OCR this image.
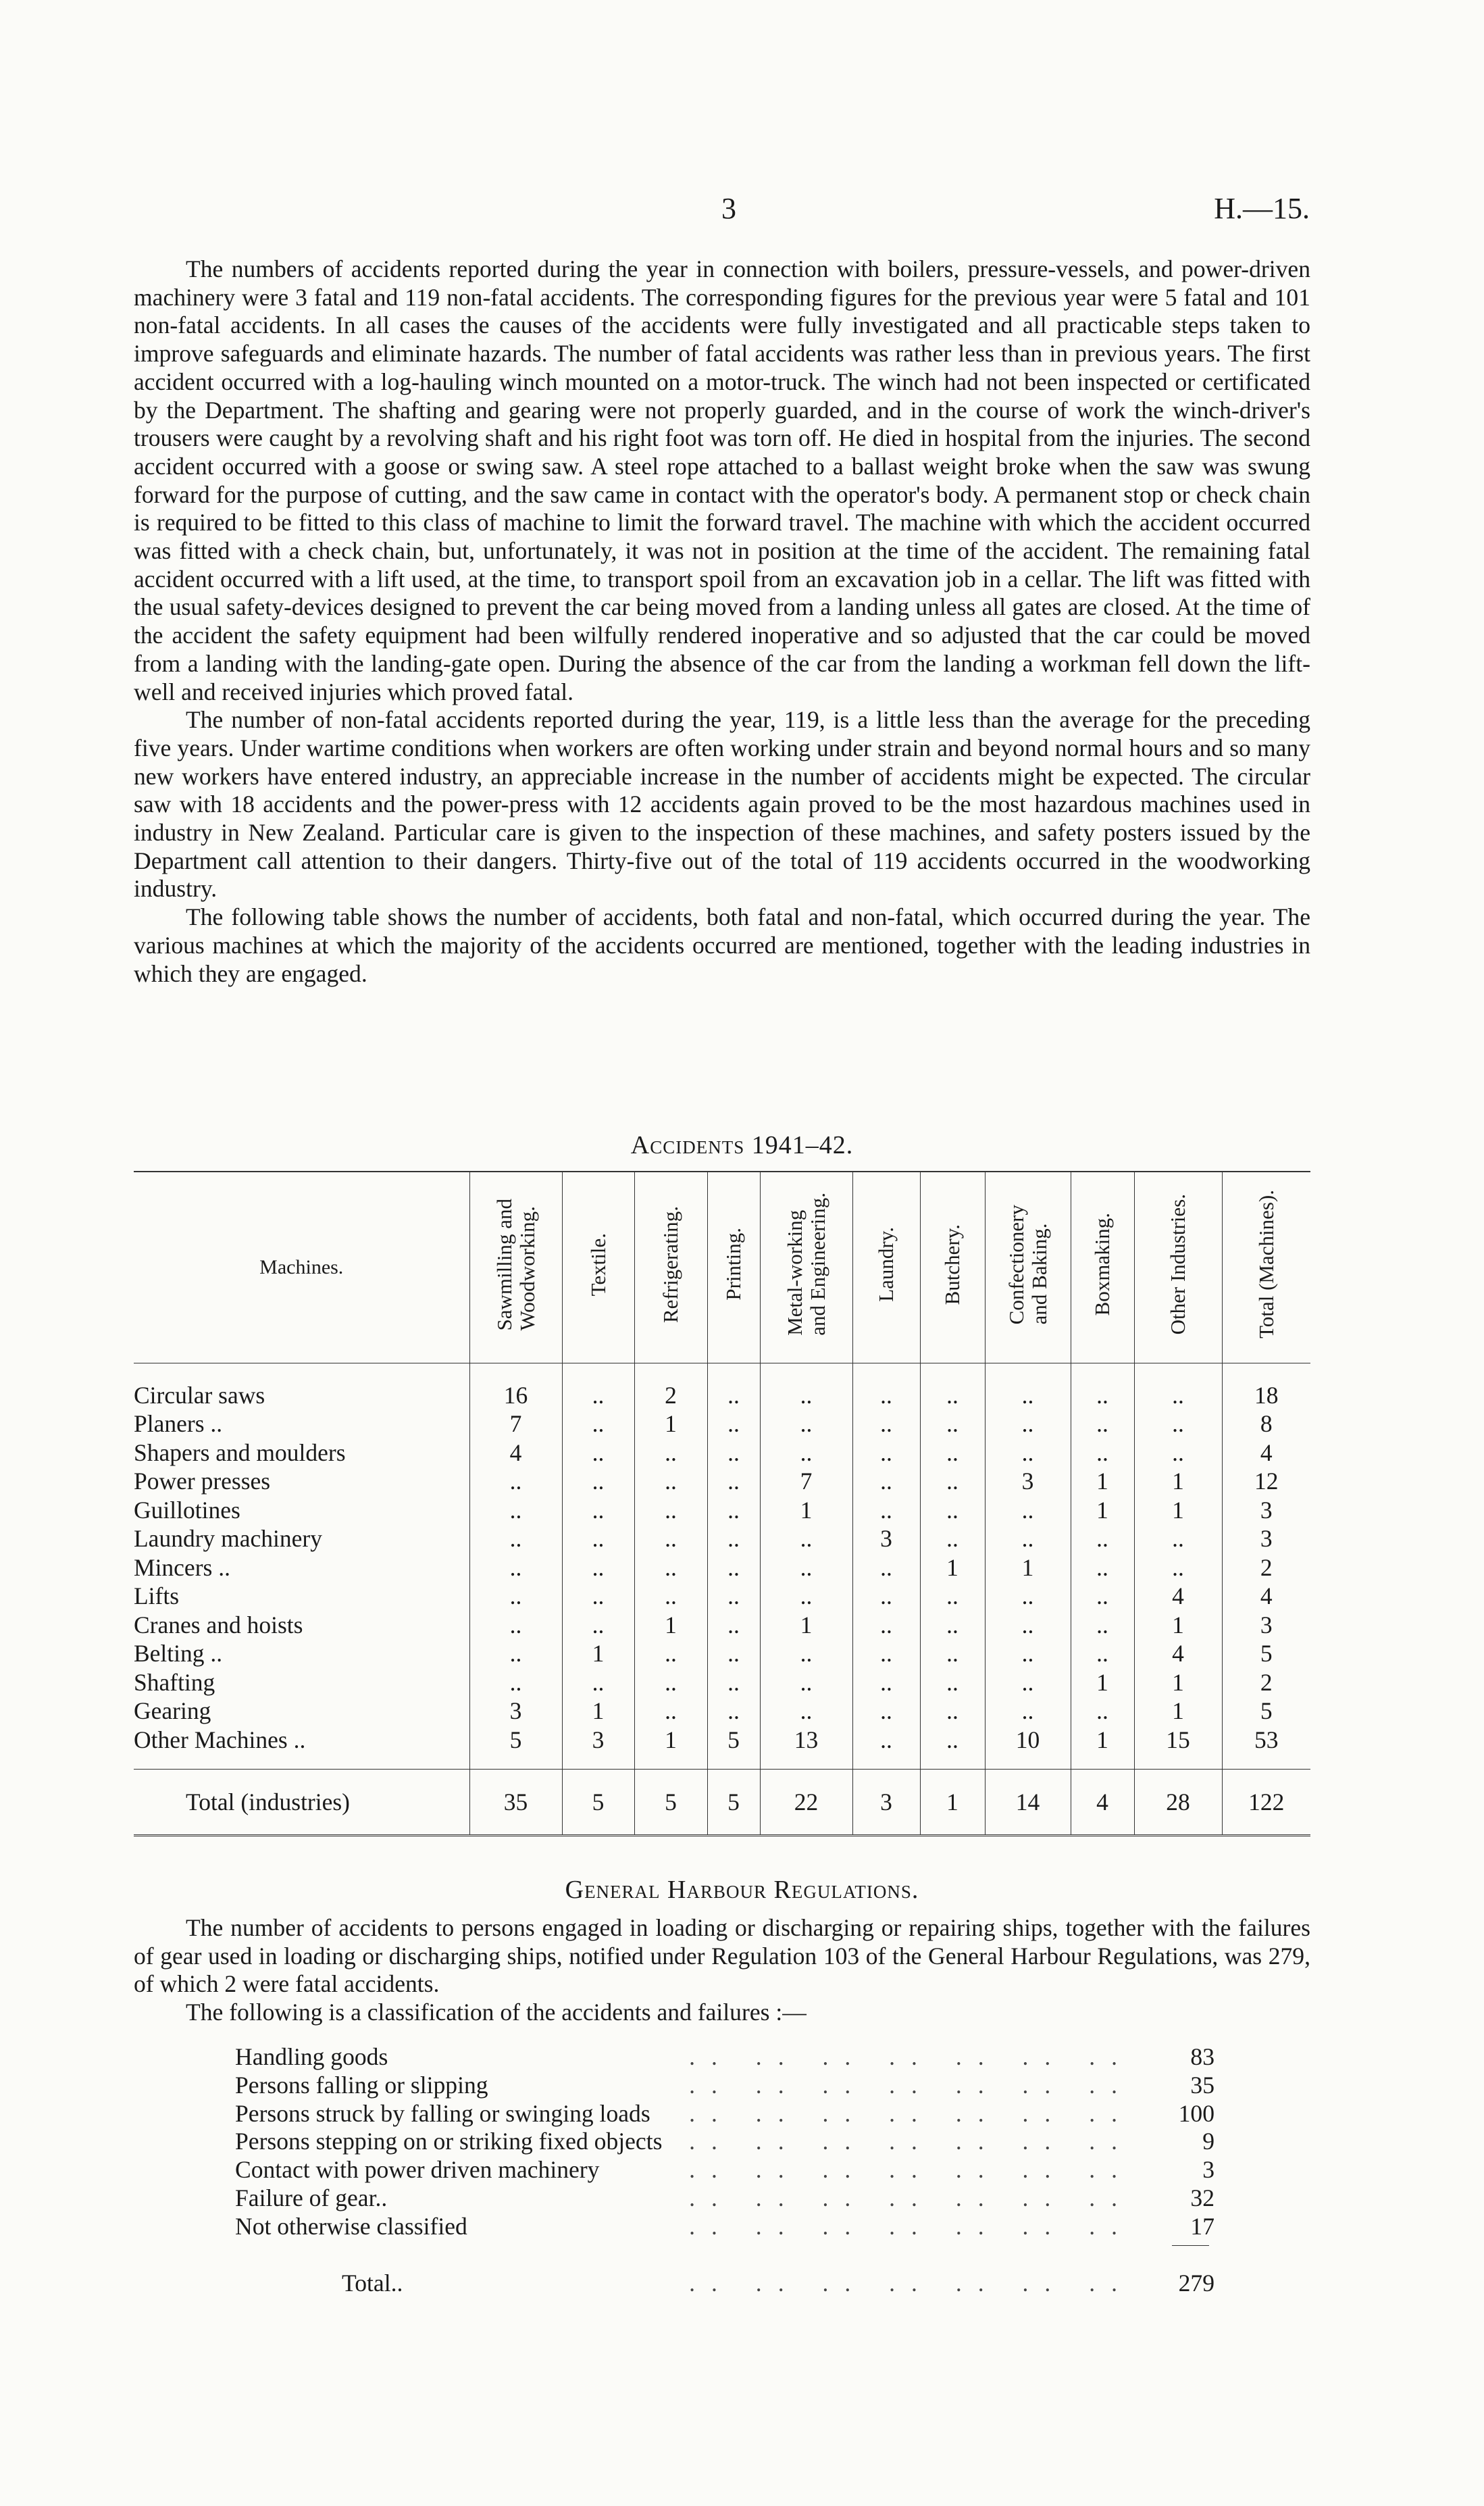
3	H.—15.

The numbers of accidents reported during the year in connection with boilers, pressure-vessels, and power-driven machinery were 3 fatal and 119 non-fatal accidents. The corresponding figures for the previous year were 5 fatal and 101 non-fatal accidents. In all cases the causes of the accidents were fully investigated and all practicable steps taken to improve safeguards and eliminate hazards. The number of fatal accidents was rather less than in previous years. The first accident occurred with a log-hauling winch mounted on a motor-truck. The winch had not been inspected or certificated by the Department. The shafting and gearing were not properly guarded, and in the course of work the winch-driver's trousers were caught by a revolving shaft and his right foot was torn off. He died in hospital from the injuries. The second accident occurred with a goose or swing saw. A steel rope attached to a ballast weight broke when the saw was swung forward for the purpose of cutting, and the saw came in contact with the operator's body. A permanent stop or check chain is required to be fitted to this class of machine to limit the forward travel. The machine with which the accident occurred was fitted with a check chain, but, unfortunately, it was not in position at the time of the accident. The remaining fatal accident occurred with a lift used, at the time, to transport spoil from an excavation job in a cellar. The lift was fitted with the usual safety-devices designed to prevent the car being moved from a landing unless all gates are closed. At the time of the accident the safety equipment had been wilfully rendered inoperative and so adjusted that the car could be moved from a landing with the landing-gate open. During the absence of the car from the landing a workman fell down the lift-well and received injuries which proved fatal.

The number of non-fatal accidents reported during the year, 119, is a little less than the average for the preceding five years. Under wartime conditions when workers are often working under strain and beyond normal hours and so many new workers have entered industry, an appreciable increase in the number of accidents might be expected. The circular saw with 18 accidents and the power-press with 12 accidents again proved to be the most hazardous machines used in industry in New Zealand. Particular care is given to the inspection of these machines, and safety posters issued by the Department call attention to their dangers. Thirty-five out of the total of 119 accidents occurred in the woodworking industry.

The following table shows the number of accidents, both fatal and non-fatal, which occurred during the year. The various machines at which the majority of the accidents occurred are mentioned, together with the leading industries in which they are engaged.

Accidents 1941–42.
Machines.	Sawmilling and
Woodworking.	Textile.	Refrigerating.	Printing.	Metal-working
and Engineering.	Laundry.	Butchery.	Confectionery
and Baking.	Boxmaking.	Other Industries.	Total (Machines).
Circular saws	16	..	2	..	..	..	..	..	..	..	18
Planers ..	7	..	1	..	..	..	..	..	..	..	8
Shapers and moulders	4	..	..	..	..	..	..	..	..	..	4
Power presses	..	..	..	..	7	..	..	3	1	1	12
Guillotines	..	..	..	..	1	..	..	..	1	1	3
Laundry machinery	..	..	..	..	..	3	..	..	..	..	3
Mincers ..	..	..	..	..	..	..	1	1	..	..	2
Lifts	..	..	..	..	..	..	..	..	..	4	4
Cranes and hoists	..	..	1	..	1	..	..	..	..	1	3
Belting ..	..	1	..	..	..	..	..	..	..	4	5
Shafting	..	..	..	..	..	..	..	..	1	1	2
Gearing	3	1	..	..	..	..	..	..	..	1	5
Other Machines ..	5	3	1	5	13	..	..	10	1	15	53
Total (industries)	35	5	5	5	22	3	1	14	4	28	122
General Harbour Regulations.

The number of accidents to persons engaged in loading or discharging or repairing ships, together with the failures of gear used in loading or discharging ships, notified under Regulation 103 of the General Harbour Regulations, was 279, of which 2 were fatal accidents.

The following is a classification of the accidents and failures :—

.. .. .. .. .. .. ..
Handling goods	83
.. .. .. .. .. .. ..
Persons falling or slipping	35
.. .. .. .. .. .. ..
Persons struck by falling or swinging loads	100
.. .. .. .. .. .. ..
Persons stepping on or striking fixed objects	9
.. .. .. .. .. .. ..
Contact with power driven machinery	3
.. .. .. .. .. .. ..
Failure of gear..	32
.. .. .. .. .. .. ..
Not otherwise classified	17
Total..	.. .. .. .. .. .. ..	279
